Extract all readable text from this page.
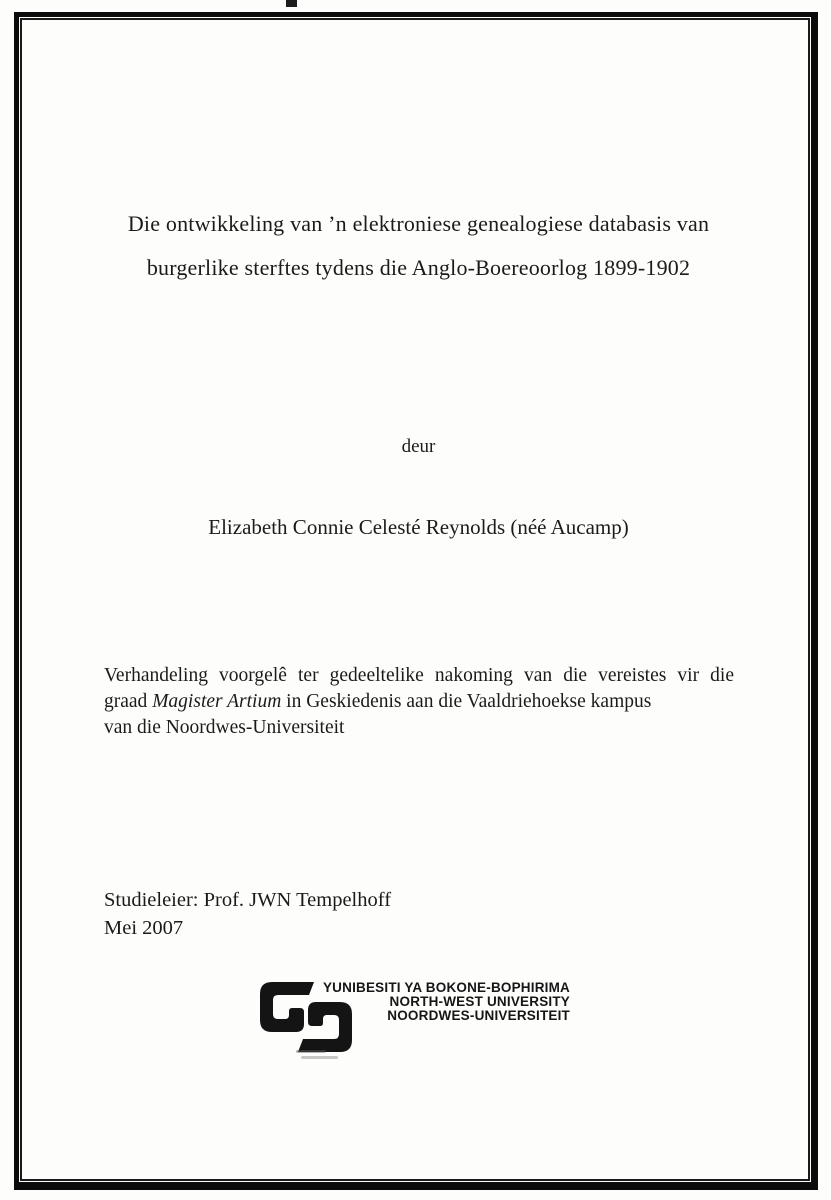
Die ontwikkeling van ’n elektroniese genealogiese databasis van
burgerlike sterftes tydens die Anglo-Boereoorlog 1899-1902
deur
Elizabeth Connie Celesté Reynolds (néé Aucamp)
Verhandeling voorgelê ter gedeeltelike nakoming van die vereistes vir die
graad Magister Artium in Geskiedenis aan die Vaaldriehoekse kampus
van die Noordwes-Universiteit
Studieleier: Prof. JWN Tempelhoff
Mei 2007
YUNIBESITI YA BOKONE-BOPHIRIMA
NORTH-WEST UNIVERSITY
NOORDWES-UNIVERSITEIT
